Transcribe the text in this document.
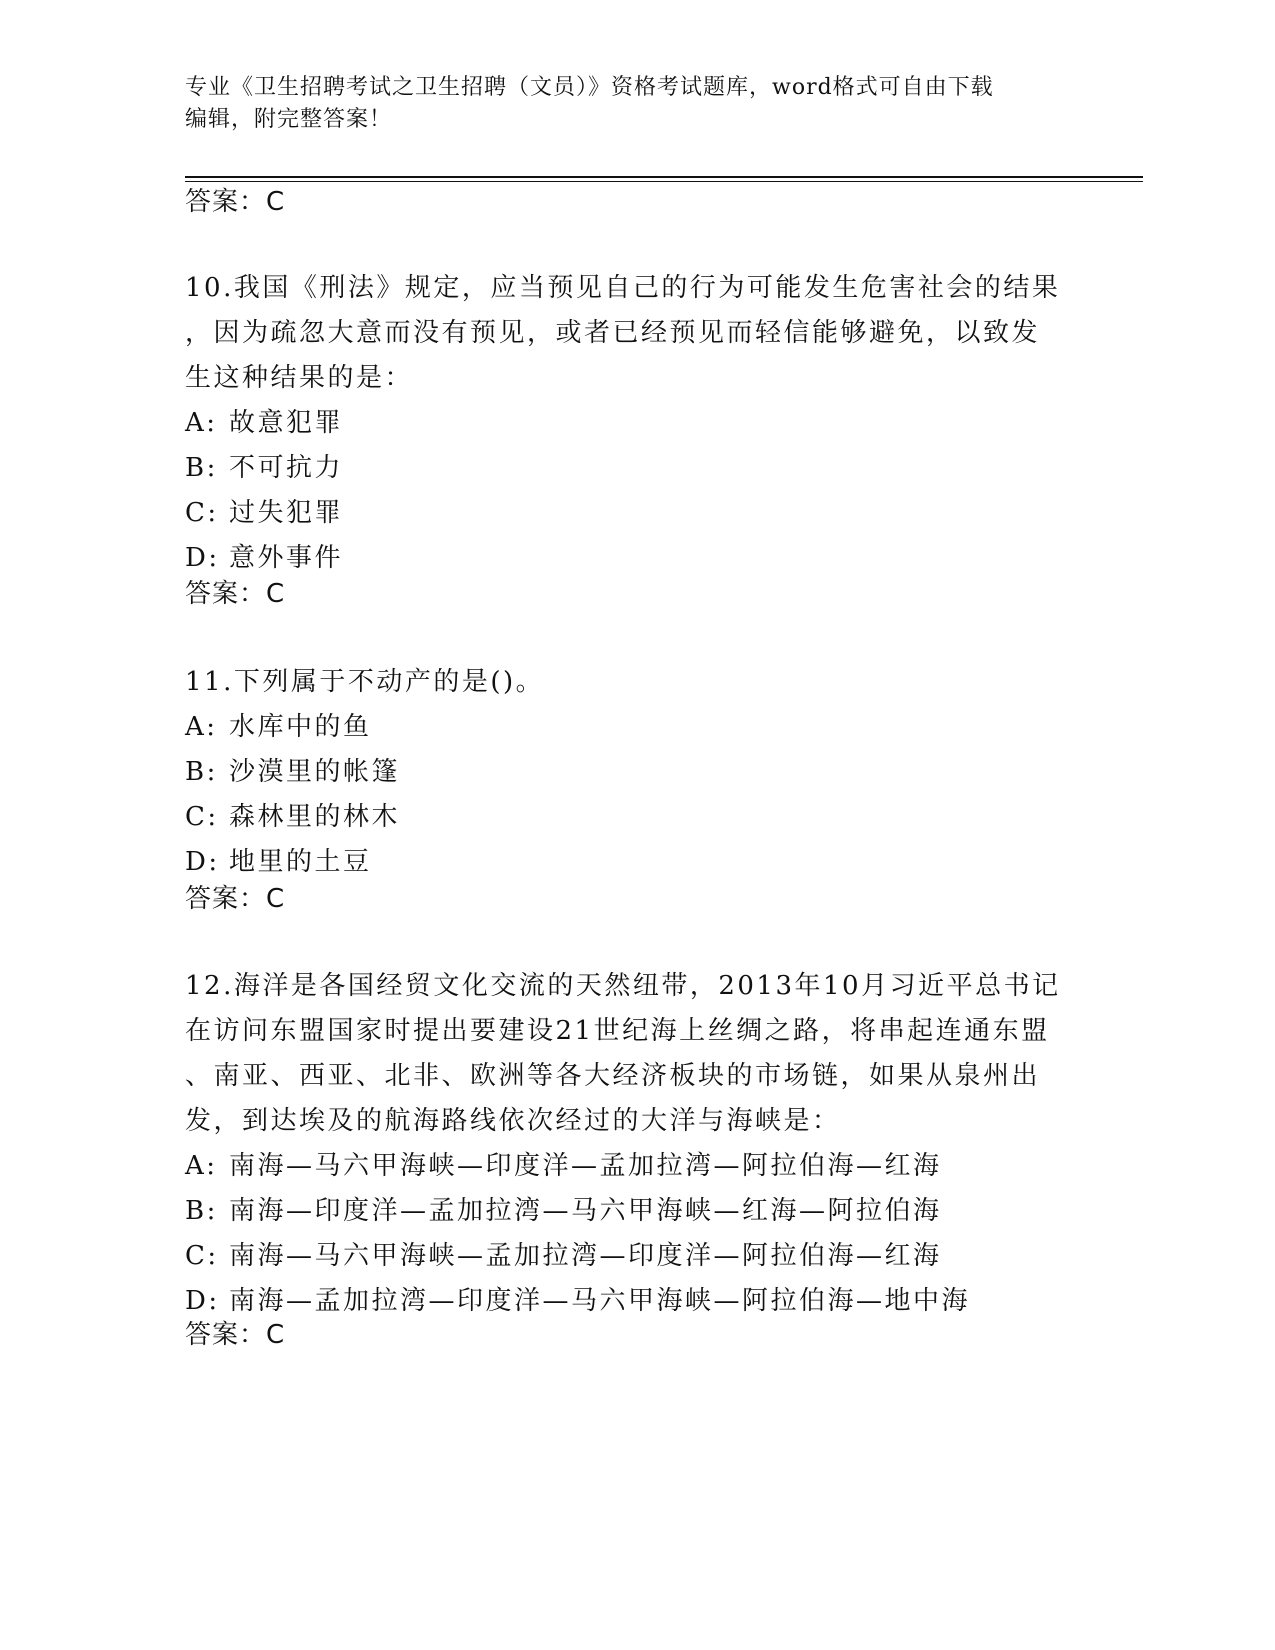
专业《卫生招聘考试之卫生招聘（文员）》资格考试题库，word格式可自由下载
编辑，附完整答案！
答案：C
10.我国《刑法》规定，应当预见自己的行为可能发生危害社会的结果
，因为疏忽大意而没有预见，或者已经预见而轻信能够避免，以致发
生这种结果的是：
A: 故意犯罪
B: 不可抗力
C: 过失犯罪
D: 意外事件
答案：C
11.下列属于不动产的是()。
A: 水库中的鱼
B: 沙漠里的帐篷
C: 森林里的林木
D: 地里的土豆
答案：C
12.海洋是各国经贸文化交流的天然纽带，2013年10月习近平总书记
在访问东盟国家时提出要建设21世纪海上丝绸之路，将串起连通东盟
、南亚、西亚、北非、欧洲等各大经济板块的市场链，如果从泉州出
发，到达埃及的航海路线依次经过的大洋与海峡是：
A: 南海—马六甲海峡—印度洋—孟加拉湾—阿拉伯海—红海
B: 南海—印度洋—孟加拉湾—马六甲海峡—红海—阿拉伯海
C: 南海—马六甲海峡—孟加拉湾—印度洋—阿拉伯海—红海
D: 南海—孟加拉湾—印度洋—马六甲海峡—阿拉伯海—地中海
答案：C
